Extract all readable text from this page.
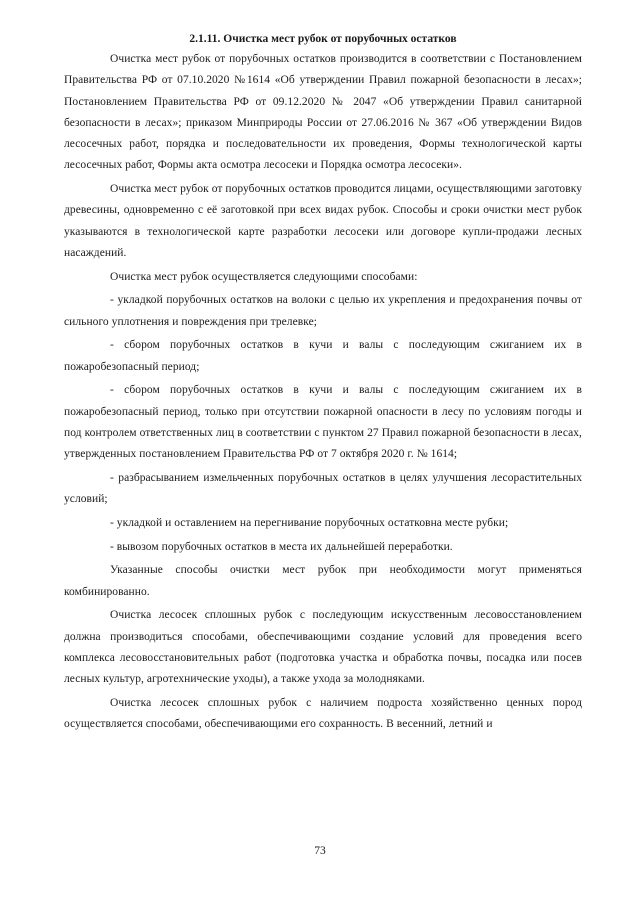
2.1.11. Очистка мест рубок от порубочных остатков

Очистка мест рубок от порубочных остатков производится в соответствии с Постановлением Правительства РФ от 07.10.2020 №1614 «Об утверждении Правил пожарной безопасности в лесах»; Постановлением Правительства РФ от 09.12.2020 № 2047 «Об утверждении Правил санитарной безопасности в лесах»; приказом Минприроды России от 27.06.2016 № 367 «Об утверждении Видов лесосечных работ, порядка и последовательности их проведения, Формы технологической карты лесосечных работ, Формы акта осмотра лесосеки и Порядка осмотра лесосеки».

Очистка мест рубок от порубочных остатков проводится лицами, осуществляющими заготовку древесины, одновременно с её заготовкой при всех видах рубок. Способы и сроки очистки мест рубок указываются в технологической карте разработки лесосеки или договоре купли-продажи лесных насаждений.

Очистка мест рубок осуществляется следующими способами:

- укладкой порубочных остатков на волоки с целью их укрепления и предохранения почвы от сильного уплотнения и повреждения при трелевке;

- сбором порубочных остатков в кучи и валы с последующим сжиганием их в пожаробезопасный период;

- сбором порубочных остатков в кучи и валы с последующим сжиганием их в пожаробезопасный период, только при отсутствии пожарной опасности в лесу по условиям погоды и под контролем ответственных лиц в соответствии с пунктом 27 Правил пожарной безопасности в лесах, утвержденных постановлением Правительства РФ от 7 октября 2020 г. № 1614;

- разбрасыванием измельченных порубочных остатков в целях улучшения лесорастительных условий;

- укладкой и оставлением на перегнивание порубочных остатковна месте рубки;

- вывозом порубочных остатков в места их дальнейшей переработки.

Указанные способы очистки мест рубок при необходимости могут применяться комбинированно.

Очистка лесосек сплошных рубок с последующим искусственным лесовосстановлением должна производиться способами, обеспечивающими создание условий для проведения всего комплекса лесовосстановительных работ (подготовка участка и обработка почвы, посадка или посев лесных культур, агротехнические уходы), а также ухода за молодняками.

Очистка лесосек сплошных рубок с наличием подроста хозяйственно ценных пород осуществляется способами, обеспечивающими его сохранность. В весенний, летний и

73
